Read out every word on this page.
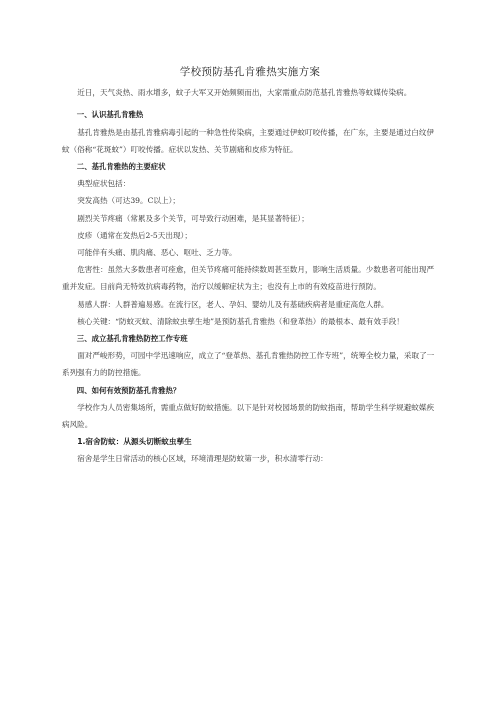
学校预防基孔肯雅热实施方案

近日，天气炎热、雨水增多，蚊子大军又开始频频而出，大家需重点防范基孔肯雅热等蚊媒传染病。

一、认识基孔肯雅热

基孔肯雅热是由基孔肯雅病毒引起的一种急性传染病，主要通过伊蚊叮咬传播，在广东，主要是通过白纹伊蚊（俗称“花斑蚊”）叮咬传播。症状以发热、关节剧痛和皮疹为特征。

二、基孔肯雅热的主要症状

典型症状包括：

突发高热（可达39。C以上）；

剧烈关节疼痛（常累及多个关节，可导致行动困难，是其显著特征）；

皮疹（通常在发热后2-5天出现）；

可能伴有头痛、肌肉痛、恶心、呕吐、乏力等。

危害性：虽然大多数患者可痊愈，但关节疼痛可能持续数周甚至数月，影响生活质量。少数患者可能出现严重并发症。目前尚无特效抗病毒药物，治疗以缓解症状为主；也没有上市的有效疫苗进行预防。

易感人群：人群普遍易感。在流行区，老人、孕妇、婴幼儿及有基础疾病者是重症高危人群。

核心关键：“防蚊灭蚊、清除蚊虫孳生地”是预防基孔肯雅热（和登革热）的最根本、最有效手段！

三、成立基孔肯雅热防控工作专班

面对严峻形势，可园中学迅速响应，成立了“登革热、基孔肯雅热防控工作专班”，统筹全校力量，采取了一系列强有力的防控措施。

四、如何有效预防基孔肯雅热？

学校作为人员密集场所，需重点做好防蚊措施。以下是针对校园场景的防蚊指南，帮助学生科学规避蚊媒疾病风险。

1.宿舍防蚊：从源头切断蚊虫孳生

宿舍是学生日常活动的核心区域，环境清理是防蚊第一步，积水清零行动：
